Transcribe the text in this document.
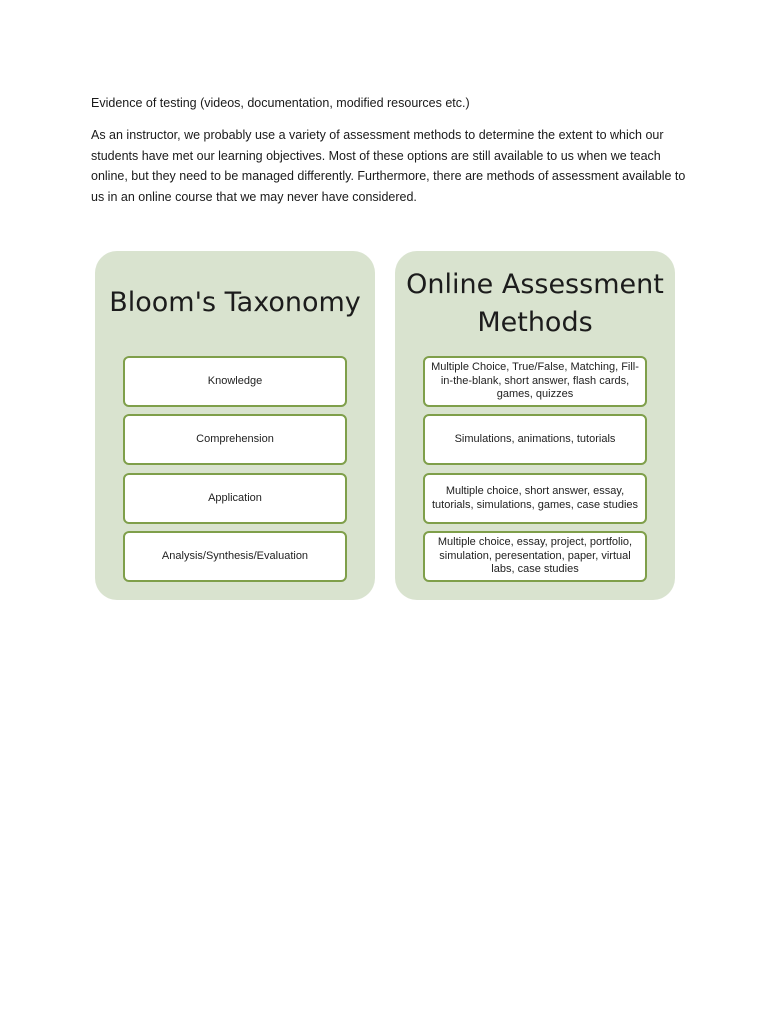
Evidence of testing (videos, documentation, modified resources etc.)

As an instructor, we probably use a variety of assessment methods to determine the extent to which our students have met our learning objectives. Most of these options are still available to us when we teach online, but they need to be managed differently. Furthermore, there are methods of assessment available to us in an online course that we may never have considered.

Bloom's Taxonomy

Knowledge
Comprehension
Application
Analysis/Synthesis/Evaluation

Online Assessment Methods

Multiple Choice, True/False, Matching, Fill-in-the-blank, short answer, flash cards, games, quizzes
Simulations, animations, tutorials
Multiple choice, short answer, essay, tutorials, simulations, games, case studies
Multiple choice, essay, project, portfolio, simulation, peresentation, paper, virtual labs, case studies
